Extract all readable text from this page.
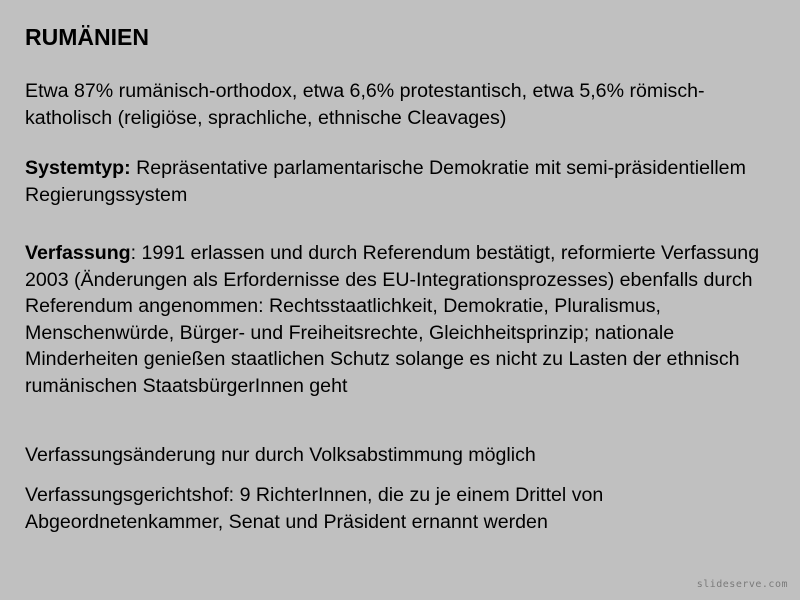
RUMÄNIEN

Etwa 87% rumänisch-orthodox, etwa 6,6% protestantisch, etwa 5,6% römisch-katholisch (religiöse, sprachliche, ethnische Cleavages)

Systemtyp: Repräsentative parlamentarische Demokratie mit semi-präsidentiellem Regierungssystem

Verfassung: 1991 erlassen und durch Referendum bestätigt, reformierte Verfassung 2003 (Änderungen als Erfordernisse des EU-Integrationsprozesses) ebenfalls durch Referendum angenommen: Rechtsstaatlichkeit, Demokratie, Pluralismus, Menschenwürde, Bürger- und Freiheitsrechte, Gleichheitsprinzip; nationale Minderheiten genießen staatlichen Schutz solange es nicht zu Lasten der ethnisch rumänischen StaatsbürgerInnen geht

Verfassungsänderung nur durch Volksabstimmung möglich

Verfassungsgerichtshof: 9 RichterInnen, die zu je einem Drittel von Abgeordnetenkammer, Senat und Präsident ernannt werden

slideserve.com
